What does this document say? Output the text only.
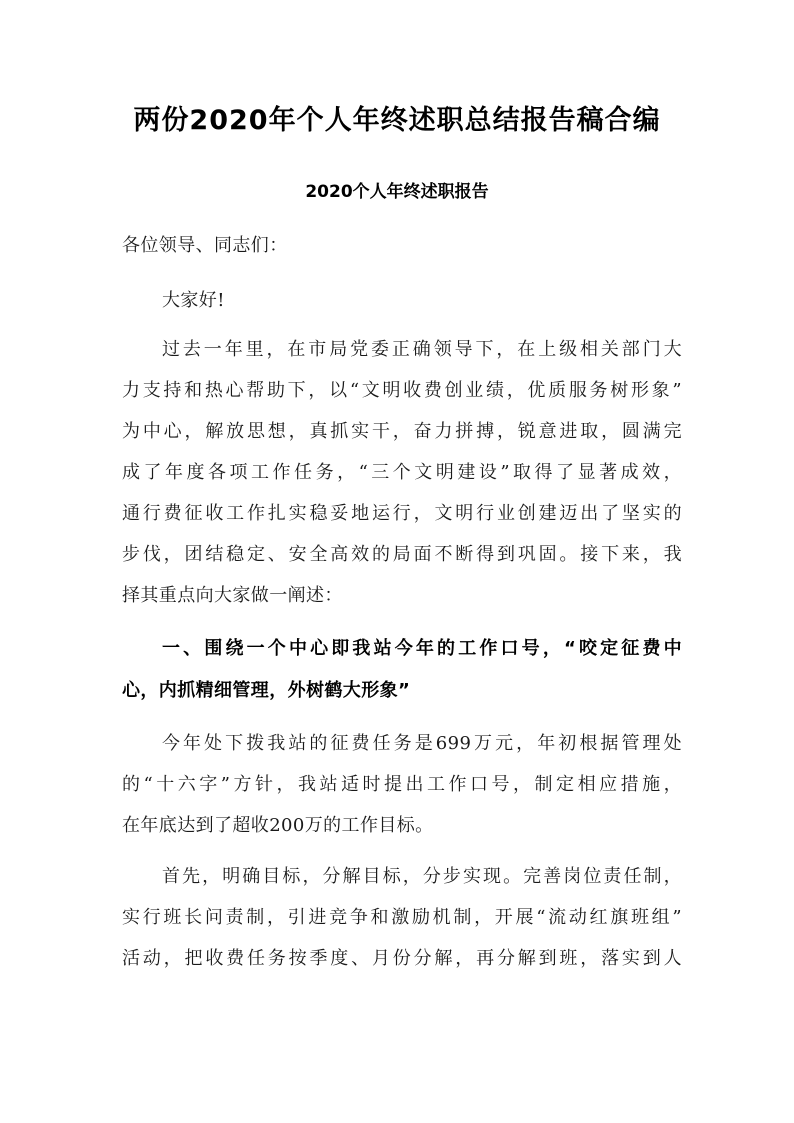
两份2020年个人年终述职总结报告稿合编
2020个人年终述职报告
各位领导、同志们：
大家好!
过去一年里，在市局党委正确领导下，在上级相关部门大
力支持和热心帮助下，以“文明收费创业绩，优质服务树形象”
为中心，解放思想，真抓实干，奋力拼搏，锐意进取，圆满完
成了年度各项工作任务，“三个文明建设”取得了显著成效，
通行费征收工作扎实稳妥地运行，文明行业创建迈出了坚实的
步伐，团结稳定、安全高效的局面不断得到巩固。接下来，我
择其重点向大家做一阐述：
一、围绕一个中心即我站今年的工作口号，“咬定征费中
心，内抓精细管理，外树鹤大形象”
今年处下拨我站的征费任务是699万元，年初根据管理处
的“十六字”方针，我站适时提出工作口号，制定相应措施，
在年底达到了超收200万的工作目标。
首先，明确目标，分解目标，分步实现。完善岗位责任制，
实行班长问责制，引进竞争和激励机制，开展“流动红旗班组”
活动，把收费任务按季度、月份分解，再分解到班，落实到人
